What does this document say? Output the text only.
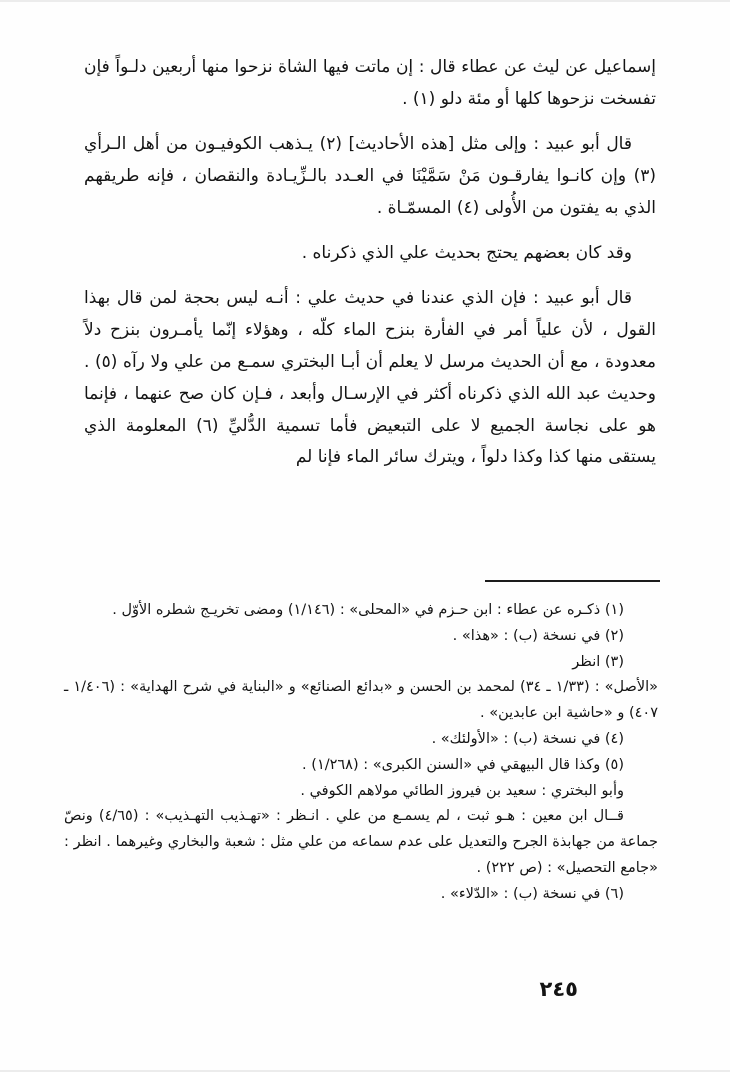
إسماعيل عن ليث عن عطاء قال : إن ماتت فيها الشاة نزحوا منها أربعين دلـواً فإن تفسخت نزحوها كلها أو مئة دلو (١) .

قال أبو عبيد : وإلى مثل [هذه الأحاديث] (٢) يـذهب الكوفيـون من أهل الـرأي (٣) وإن كانـوا يفارقـون مَنْ سَمَّيْنَا في العـدد بالـزِّيـادة والنقصان ، فإنه طريقهم الذي به يفتون من الأُولى (٤) المسمّـاة .

وقد كان بعضهم يحتج بحديث علي الذي ذكرناه .

قال أبو عبيد : فإن الذي عندنا في حديث علي : أنـه ليس بحجة لمن قال بهذا القول ، لأن علياً أمر في الفأرة بنزح الماء كلّه ، وهؤلاء إنّما يأمـرون بنزح دلاً معدودة ، مع أن الحديث مرسل لا يعلم أن أبـا البختري سمـع من علي ولا رآه (٥) . وحديث عبد الله الذي ذكرناه أكثر في الإرسـال وأبعد ، فـإن كان صح عنهما ، فإنما هو على نجاسة الجميع لا على التبعيض فأما تسمية الدُّليِّ (٦) المعلومة الذي يستقى منها كذا وكذا دلواً ، ويترك سائر الماء فإنا لم

(١) ذكـره عن عطاء : ابن حـزم في «المحلى» : (١/١٤٦) ومضى تخريـج شطره الأوّل .

(٢) في نسخة (ب) : «هذا» .

(٣) انظر

«الأصل» : (١/٣٣ ـ ٣٤) لمحمد بن الحسن و «بدائع الصنائع» و «البناية في شرح الهداية» : (١/٤٠٦ ـ ٤٠٧) و «حاشية ابن عابدين» .

(٤) في نسخة (ب) : «الأولئك» .

(٥) وكذا قال البيهقي في «السنن الكبرى» : (١/٢٦٨) .

وأبو البختري : سعيد بن فيروز الطائي مولاهم الكوفي .

قــال ابن معين : هـو ثبت ، لم يسمـع من علي . انـظر : «تهـذيب التهـذيب» : (٤/٦٥) ونصّ جماعة من جهابذة الجرح والتعديل على عدم سماعه من علي مثل : شعبة والبخاري وغيرهما . انظر : «جامع التحصيل» : (ص ٢٢٢) .

(٦) في نسخة (ب) : «الدّلاء» .

٢٤٥
